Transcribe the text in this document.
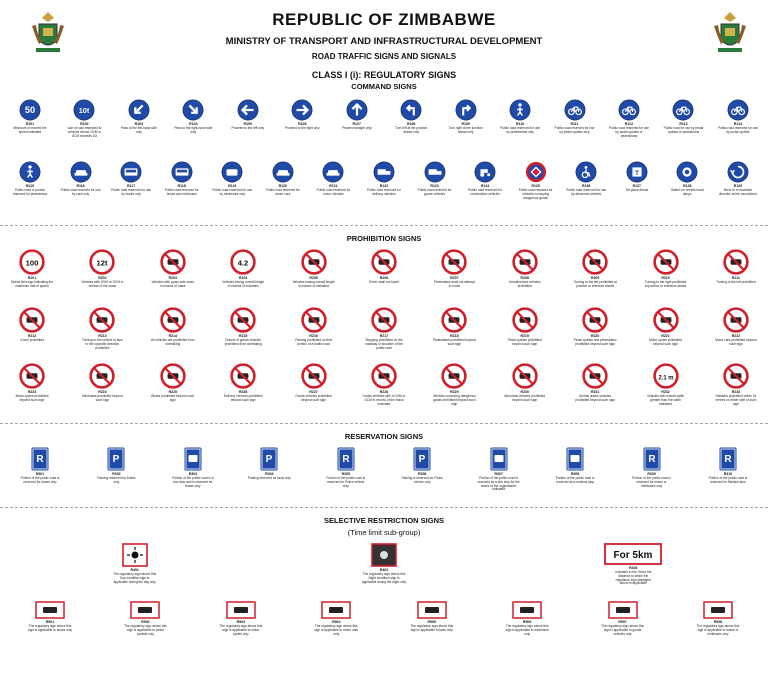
REPUBLIC OF ZIMBABWE
MINISTRY OF TRANSPORT AND INFRASTRUCTURAL DEVELOPMENT
ROAD TRAFFIC SIGNS AND SIGNALS
CLASS I (i): REGULATORY SIGNS
COMMAND SIGNS
50
R101
Minimum or exceed the speed indicated
10t
R102
Use of road restricted to vehicles whose GVM or GCM exceeds 10t
R103
Pass to the left-hand side only
R104
Pass to the right-hand side only
R105
Proceed to the left only
R106
Proceed to the right only
R107
Proceed straight only
R108
Turn left at the junction ahead only
R109
Turn right at the junction ahead only
R110
Public road reserved for use by pedestrians only
R111
Public road reserved for use by pedal cyclists only
R112
Public road reserved for use by pedal cyclists or pedestrians
R113
Public road for use by pedal cyclists or pedestrians
R114
Public road reserved for use by pedal cyclists
R115
Public road or portion reserved for pedestrians
R116
Public road reserved for use by cars only
R117
Public road reserved for use by buses only
R118
Public road reserved for buses and minibuses
R119
Public road reserved for use by minibuses only
R120
Public road reserved for motor cars
R121
Public road reserved for motor vehicles
R122
Public road reserved for delivery vehicles
R123
Public road reserved for goods vehicles
R124
Public road reserved for construction vehicles
R125
Public road reserved for vehicles conveying dangerous goods
R126
Public road reserved for use by abnormal vehicles
T
R127
Toll plaza ahead
R128
Switch on vehicle head lamps
R129
Move in a clockwise direction at the roundabout
PROHIBITION SIGNS
100
R201
Speed limit sign indicating the maximum rate of speed
12t
R202
Vehicles with GVM or GCM in excess of the mass
R203
Vehicles with gross axle mass in excess of mass
4.2
R204
Vehicles having overall height in excess of indicated
R205
Vehicles having overall length in excess of indicated
R206
Driver shall not travel
R207
Pedestrians shall not attempt to cross
R208
Unauthorised vehicles prohibited
R209
Turning to the left prohibited at junction or entrance ahead
R210
Turning to the right prohibited at junction or entrance ahead
R211
Turning to the left prohibited
R212
U-turn prohibited
R213
Turning to the vehicle to face in the opposite direction prohibited
R214
All vehicles are prohibited from overtaking
R215
Drivers of goods vehicles prohibited from overtaking
R216
Parking prohibited on that portion of a public road
R217
Stopping prohibited on the roadway or shoulder of the public road
R218
Pedestrians prohibited beyond such sign
R219
Pedal cyclists prohibited beyond such sign
R220
Pedal cyclists and pedestrians prohibited beyond such sign
R221
Motor cycles prohibited beyond such sign
R222
Motor cars prohibited beyond such sign
R223
Motor cycles prohibited beyond such sign
R224
Minibuses prohibited beyond such sign
R225
Buses prohibited beyond such sign
R226
Delivery vehicles prohibited beyond such sign
R227
Goods vehicles prohibited beyond such sign
R228
Goods vehicles with a GVM or GCM in excess of the mass indicated
R229
Vehicles conveying dangerous goods prohibited beyond such sign
R230
Abnormal vehicles prohibited beyond such sign
R231
Animal drawn vehicles prohibited beyond such sign
2.1 m
R232
Vehicles with overall width greater than the width indicated
R233
Hawkers prohibited within 15 metres on either side of such sign
RESERVATION SIGNS
R
R301
Portion of the public road is reserved for buses only
P
R302
Parking reserved for buses only
R303
Portion of the public road is a bus lane and is reserved for buses only
P
R304
Parking reserved for taxis only
R
R305
Portion of the public road is reserved for Police vehicle only
P
R306
Parking is reserved for Police vehicle only
R307
Portion of the public road is reserved as a bus stop for the buses of the organisation indicated
R308
Portion of the public road is reserved as a minibus stop
R
R309
Portion of the public road is reserved for buses or minibuses only
R
R310
Portion of the public road is reserved for Minibus lane
SELECTIVE RESTRICTION SIGNS
(Time limit sub-group)
R401
The regulatory sign above this Day condition sign is applicable during the day only
R402
The regulatory sign above this Night condition sign is applicable during the night only
For 5km
R403
Indicates to the Driver the distance to which the regulatory sign displayed above is applicable
R501
The regulatory sign above this sign is applicable to buses only
R502
The regulatory sign above this sign is applicable to pedal cyclists only
R503
The regulatory sign above this sign is applicable to motor cycles only
R504
The regulatory sign above this sign is applicable to motor cars only
R505
The regulatory sign above this sign is applicable to taxis only
R506
The regulatory sign above this sign is applicable to minibuses only
R507
The regulatory sign above this sign is applicable to goods vehicles only
R508
The regulatory sign above this sign is applicable to buses or minibuses only
